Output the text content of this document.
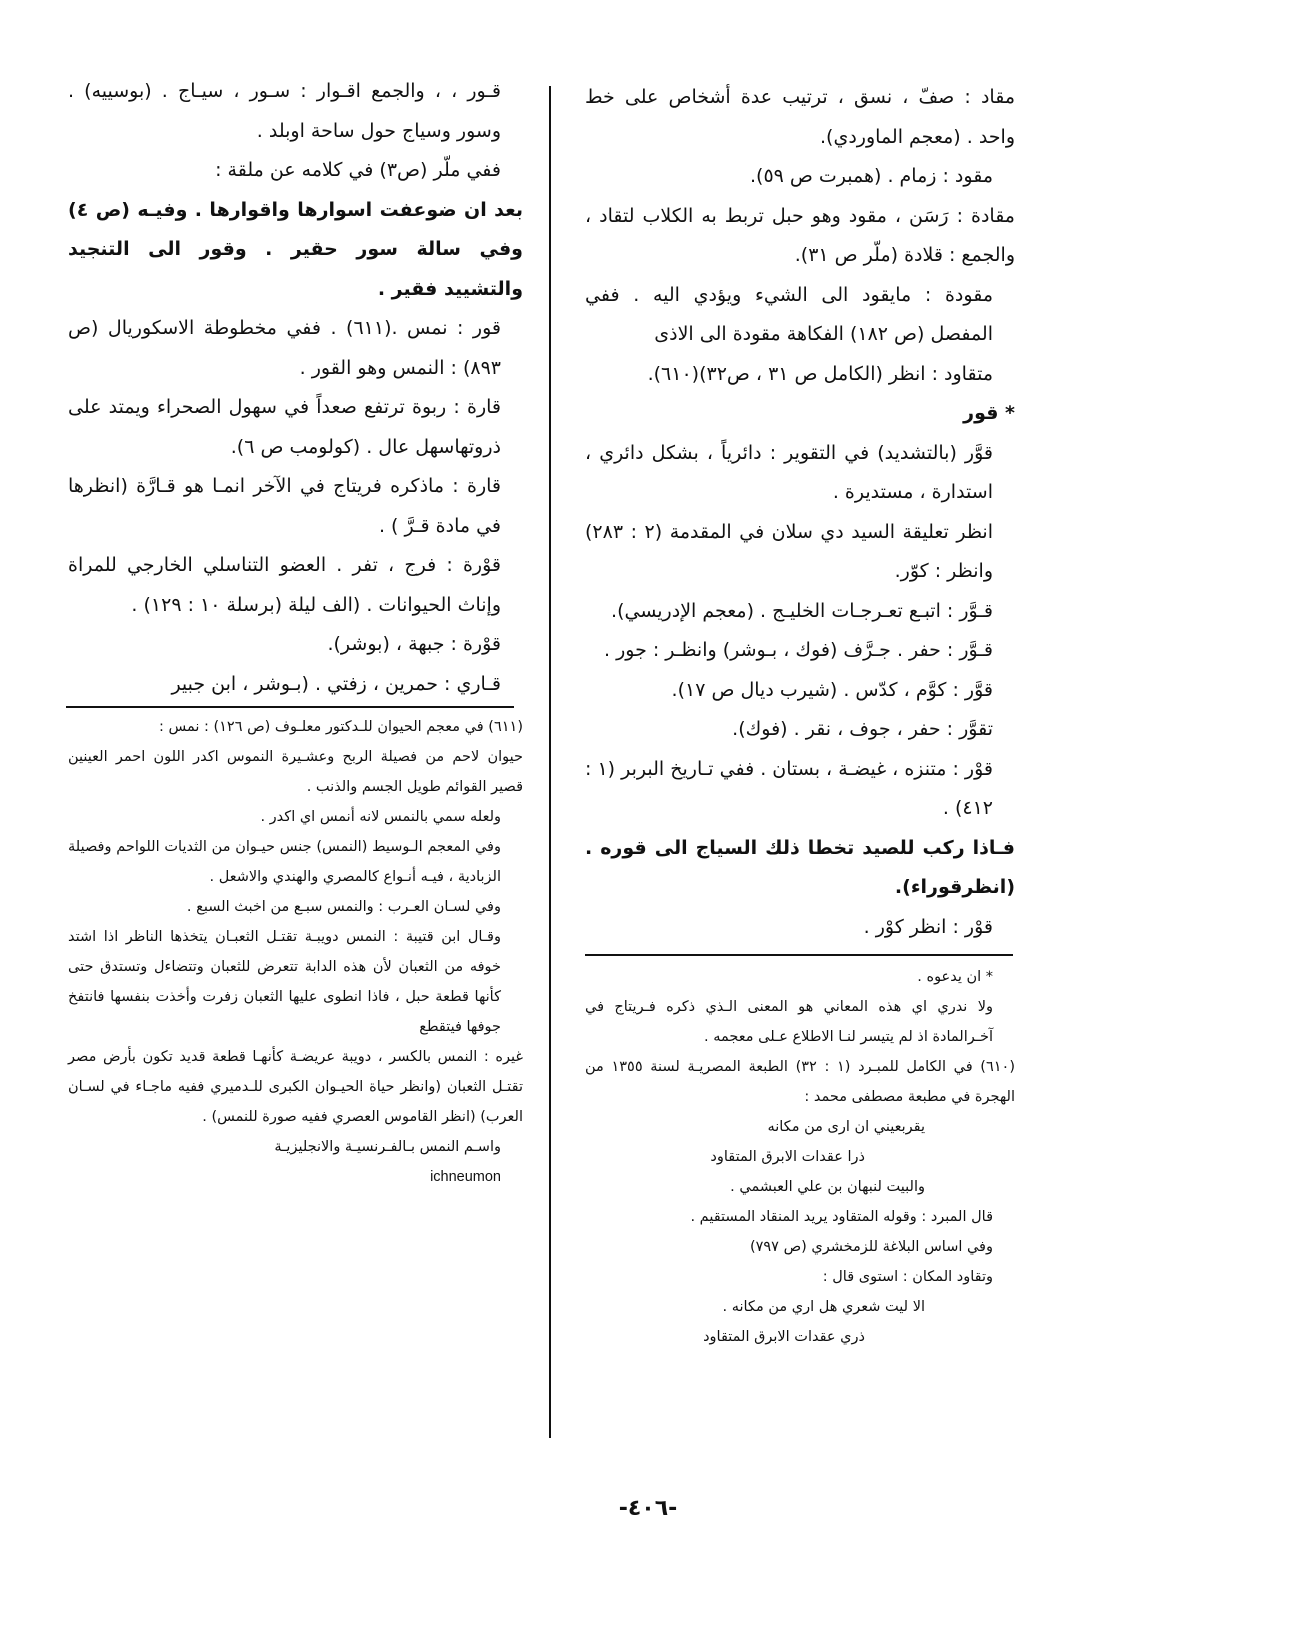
مقاد : صفّ ، نسق ، ترتيب عدة أشخاص على خط واحد . (معجم الماوردي).

مقود : زمام . (همبرت ص ٥٩).

مقادة : رَسَن ، مقود وهو حبل تربط به الكلاب لتقاد ، والجمع : قلادة (ملّر ص ٣١).

مقودة : مايقود الى الشيء ويؤدي اليه . ففي المفصل (ص ١٨٢) الفكاهة مقودة الى الاذى

متقاود : انظر (الكامل ص ٣١ ، ص٣٢)(٦١٠).

* قور

قوَّر (بالتشديد) في التقوير : دائرياً ، بشكل دائري ، استدارة ، مستديرة .

انظر تعليقة السيد دي سلان في المقدمة (٢ : ٢٨٣) وانظر : كوّر.

قـوَّر : اتبـع تعـرجـات الخليـج . (معجم الإدريسي).

قـوَّر : حفر . جـرَّف (فوك ، بـوشر) وانظـر : جور .

قوَّر : كوَّم ، كدّس . (شيرب ديال ص ١٧).

تقوَّر : حفر ، جوف ، نقر . (فوك).

قوْر : متنزه ، غيضـة ، بستان . ففي تـاريخ البربر (١ : ٤١٢) .

فـاذا ركب للصيد تخطا ذلك السياج الى قوره . (انظرقوراء).

قوْر : انظر كوْر .

* ان يدعوه .

ولا ندري اي هذه المعاني هو المعنى الـذي ذكره فـريتاج في آخـرالمادة اذ لم يتيسر لنـا الاطلاع عـلى معجمه .

(٦١٠) في الكامل للمبـرد (١ : ٣٢) الطبعة المصريـة لسنة ١٣٥٥ من الهجرة في مطبعة مصطفى محمد :

يقربعيني ان ارى من مكانه

ذرا عقدات الابرق المتقاود

والبيت لنبهان بن علي العبشمي .

قال المبرد : وقوله المتقاود يريد المنقاد المستقيم .

وفي اساس البلاغة للزمخشري (ص ٧٩٧)

وتقاود المكان : استوى قال :

الا ليت شعري هل اري من مكانه .

ذري عقدات الابرق المتقاود

قـور ، ، والجمع اقـوار : سـور ، سيـاج . (بوسييه) . وسور وسياج حول ساحة اوبلد .

ففي ملّر (ص٣) في كلامه عن ملقة :

بعد ان ضوعفت اسوارها واقوارها . وفيـه (ص ٤) وفي سالة سور حقير . وقور الى التنجيد والتشييد فقير .

قور : نمس .(٦١١) . ففي مخطوطة الاسكوريال (ص ٨٩٣) : النمس وهو القور .

قارة : ربوة ترتفع صعداً في سهول الصحراء ويمتد على ذروتهاسهل عال . (كولومب ص ٦).

قارة : ماذكره فريتاج في الآخر انمـا هو قـارَّة (انظرها في مادة قـرَّ ) .

قوْرة : فرج ، تفر . العضو التناسلي الخارجي للمراة وإناث الحيوانات . (الف ليلة (برسلة ١٠ : ١٢٩) .

قوْرة : جبهة ، (بوشر).

قـاري : حمرين ، زفتي . (بـوشر ، ابن جبير

(٦١١) في معجم الحيوان للـدكتور معلـوف (ص ١٢٦) : نمس :

حيوان لاحم من فصيلة الربح وعشـيرة النموس اكدر اللون احمر العينين قصير القوائم طويل الجسم والذنب .

ولعله سمي بالنمس لانه أنمس اي اكدر .

وفي المعجم الـوسيط (النمس) جنس حيـوان من الثديات اللواحم وفصيلة الزبادية ، فيـه أنـواع كالمصري والهندي والاشعل .

وفي لسـان العـرب : والنمس سبـع من اخبث السبع .

وقـال ابن قتيبة : النمس دويبـة تقتـل الثعبـان يتخذها الناظر اذا اشتد خوفه من الثعبان لأن هذه الدابة تتعرض للثعبان وتتضاءل وتستدق حتى كأنها قطعة حبل ، فاذا انطوى عليها الثعبان زفرت وأخذت بنفسها فانتفخ جوفها فيتقطع

غيره : النمس بالكسر ، دويبة عريضـة كأنهـا قطعة قديد تكون بأرض مصر تقتـل الثعبان (وانظر حياة الحيـوان الكبرى للـدميري ففيه ماجـاء في لسـان العرب) (انظر القاموس العصري ففيه صورة للنمس) .

واسـم النمس بـالفـرنسيـة والانجليزيـة

ichneumon

-٤٠٦-
